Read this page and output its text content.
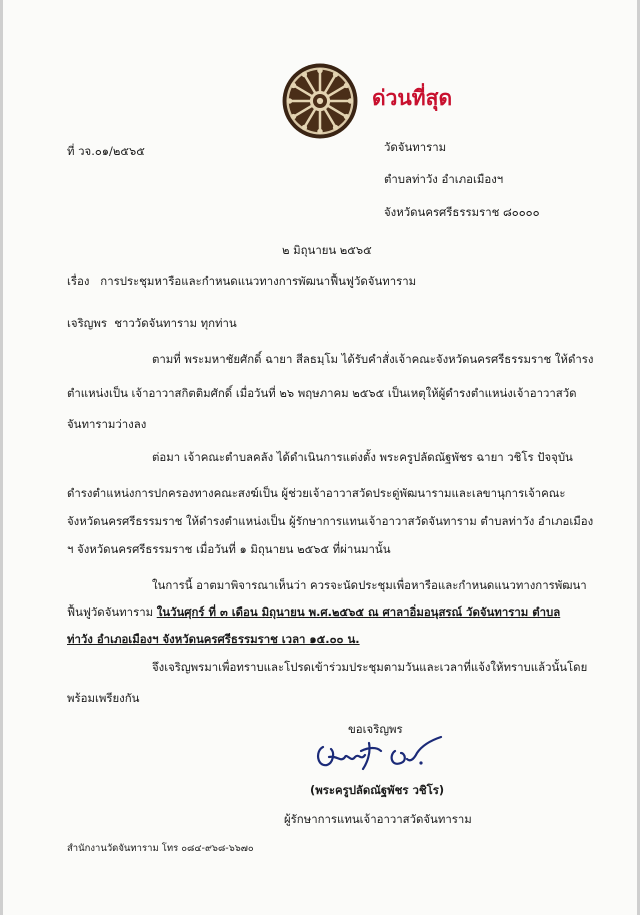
ด่วนที่สุด
ที่ วจ.๐๑/๒๕๖๕	วัดจันทาราม
ตำบลท่าวัง อำเภอเมืองฯ
จังหวัดนครศรีธรรมราช ๘๐๐๐๐
๒ มิถุนายน ๒๕๖๕
เรื่อง การประชุมหารือและกำหนดแนวทางการพัฒนาฟื้นฟูวัดจันทาราม
เจริญพร ชาววัดจันทาราม ทุกท่าน
ตามที่ พระมหาชัยศักดิ์ ฉายา สีลธมฺโม ได้รับคำสั่งเจ้าคณะจังหวัดนครศรีธรรมราช ให้ดำรง
ตำแหน่งเป็น เจ้าอาวาสกิตติมศักดิ์ เมื่อวันที่ ๒๖ พฤษภาคม ๒๕๖๕ เป็นเหตุให้ผู้ดำรงตำแหน่งเจ้าอาวาสวัด
จันทารามว่างลง
ต่อมา เจ้าคณะตำบลคลัง ได้ดำเนินการแต่งตั้ง พระครูปลัดณัฐพัชร ฉายา วชิโร ปัจจุบัน
ดำรงตำแหน่งการปกครองทางคณะสงฆ์เป็น ผู้ช่วยเจ้าอาวาสวัดประดู่พัฒนารามและเลขานุการเจ้าคณะ
จังหวัดนครศรีธรรมราช ให้ดำรงตำแหน่งเป็น ผู้รักษาการแทนเจ้าอาวาสวัดจันทาราม ตำบลท่าวัง อำเภอเมือง
ฯ จังหวัดนครศรีธรรมราช เมื่อวันที่ ๑ มิถุนายน ๒๕๖๕ ที่ผ่านมานั้น
ในการนี้ อาตมาพิจารณาเห็นว่า ควรจะนัดประชุมเพื่อหารือและกำหนดแนวทางการพัฒนา
ฟื้นฟูวัดจันทาราม ในวันศุกร์ ที่ ๓ เดือน มิถุนายน พ.ศ.๒๕๖๕ ณ ศาลาอิ่มอนุสรณ์ วัดจันทาราม ตำบล
ท่าวัง อำเภอเมืองฯ จังหวัดนครศรีธรรมราช เวลา ๑๕.๐๐ น.
จึงเจริญพรมาเพื่อทราบและโปรดเข้าร่วมประชุมตามวันและเวลาที่แจ้งให้ทราบแล้วนั้นโดย
พร้อมเพรียงกัน
ขอเจริญพร
(พระครูปลัดณัฐพัชร วชิโร)
ผู้รักษาการแทนเจ้าอาวาสวัดจันทาราม
สำนักงานวัดจันทาราม โทร ๐๘๔-๙๖๘-๖๖๗๐
